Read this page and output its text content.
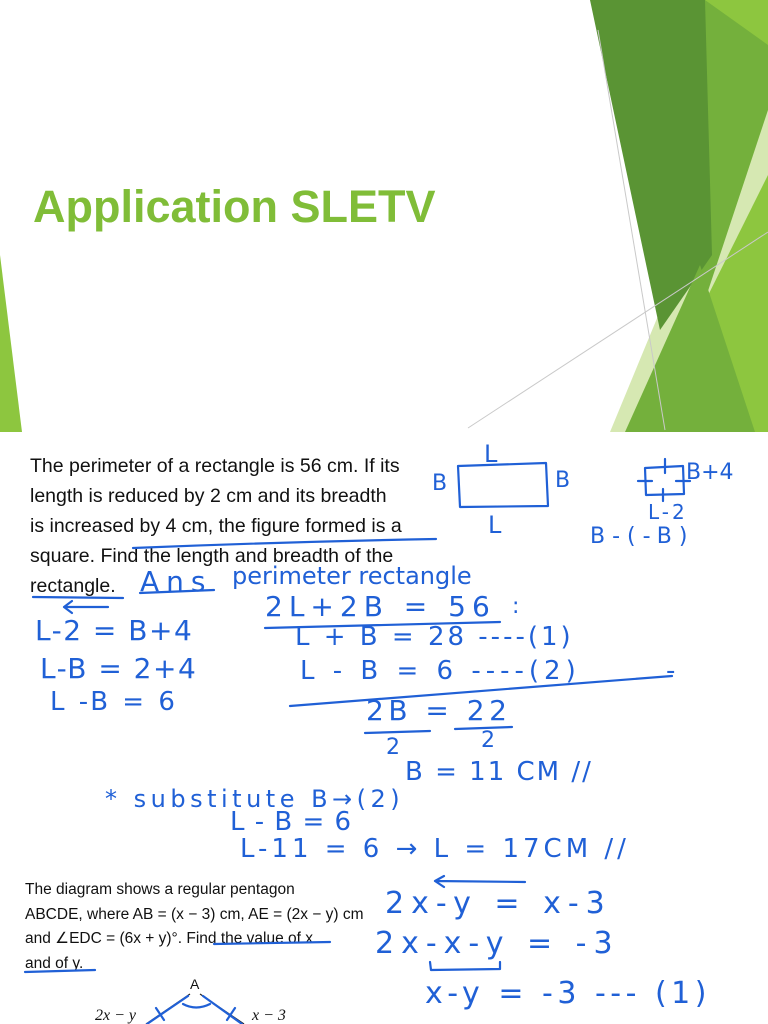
Application SLETV
The perimeter of a rectangle is 56 cm. If its
length is reduced by 2 cm and its breadth
is increased by 4 cm, the figure formed is a
square. Find the length and breadth of the
rectangle.
L
B	B
L
B+4
L-2
B-(-B)
Ans perimeter rectangle
2L+2B = 56 :
L + B = 28 ----(1)
L - B = 6 ----(2)	-
L-2 = B+4
L-B = 2+4
L -B = 6	2B = 22
2	2
B = 11 CM //
* substitute B→(2)
L - B = 6
L-11 = 6 → L = 17CM //
The diagram shows a regular pentagon
ABCDE, where AB = (x − 3) cm, AE = (2x − y) cm
and ∠EDC = (6x + y)°. Find the value of x
and of y.
2x-y = x-3
2x-x-y = -3
x-y = -3 --- (1)
A
2x − y	x − 3
